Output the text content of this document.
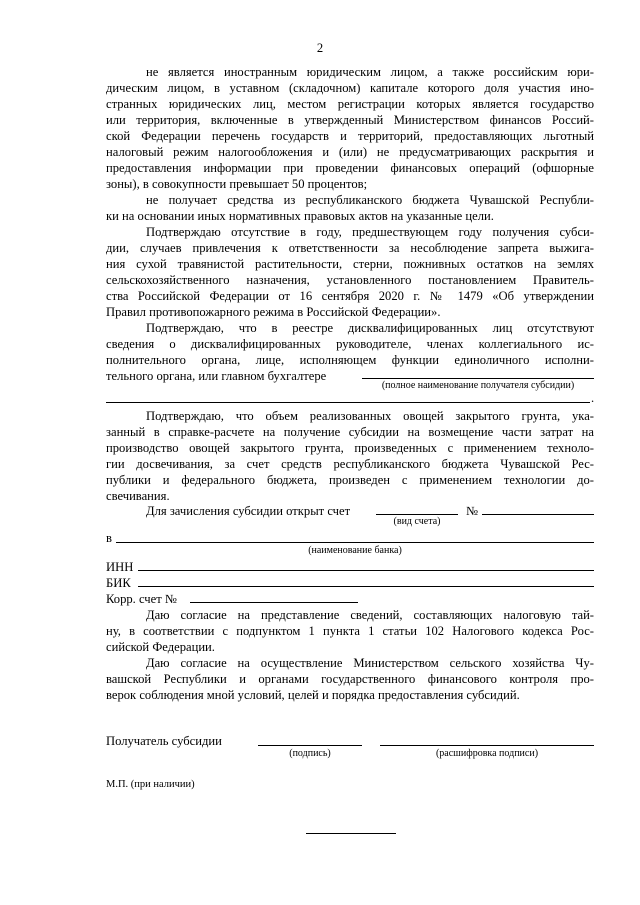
2
не является иностранным юридическим лицом, а также российским юри-
дическим лицом, в уставном (складочном) капитале которого доля участия ино-
странных юридических лиц, местом регистрации которых является государство
или территория, включенные в утвержденный Министерством финансов Россий-
ской Федерации перечень государств и территорий, предоставляющих льготный
налоговый режим налогообложения и (или) не предусматривающих раскрытия и
предоставления информации при проведении финансовых операций (офшорные
зоны), в совокупности превышает 50 процентов;
не получает средства из республиканского бюджета Чувашской Республи-
ки на основании иных нормативных правовых актов на указанные цели.
Подтверждаю отсутствие в году, предшествующем году получения субси-
дии, случаев привлечения к ответственности за несоблюдение запрета выжига-
ния сухой травянистой растительности, стерни, пожнивных остатков на землях
сельскохозяйственного назначения, установленного постановлением Правитель-
ства Российской Федерации от 16 сентября 2020 г. № 1479 «Об утверждении
Правил противопожарного режима в Российской Федерации».
Подтверждаю, что в реестре дисквалифицированных лиц отсутствуют
сведения о дисквалифицированных руководителе, членах коллегиального ис-
полнительного органа, лице, исполняющем функции единоличного исполни-
тельного органа, или главном бухгалтере
(полное наименование получателя субсидии)
.
Подтверждаю, что объем реализованных овощей закрытого грунта, ука-
занный в справке-расчете на получение субсидии на возмещение части затрат на
производство овощей закрытого грунта, произведенных с применением техноло-
гии досвечивания, за счет средств республиканского бюджета Чувашской Рес-
публики и федерального бюджета, произведен с применением технологии до-
свечивания.
Для зачисления субсидии открыт счет	№
(вид счета)
в
(наименование банка)
ИНН
БИК
Корр. счет №
Даю согласие на представление сведений, составляющих налоговую тай-
ну, в соответствии с подпунктом 1 пункта 1 статьи 102 Налогового кодекса Рос-
сийской Федерации.
Даю согласие на осуществление Министерством сельского хозяйства Чу-
вашской Республики и органами государственного финансового контроля про-
верок соблюдения мной условий, целей и порядка предоставления субсидий.
Получатель субсидии
(подпись)	(расшифровка подписи)
М.П. (при наличии)
